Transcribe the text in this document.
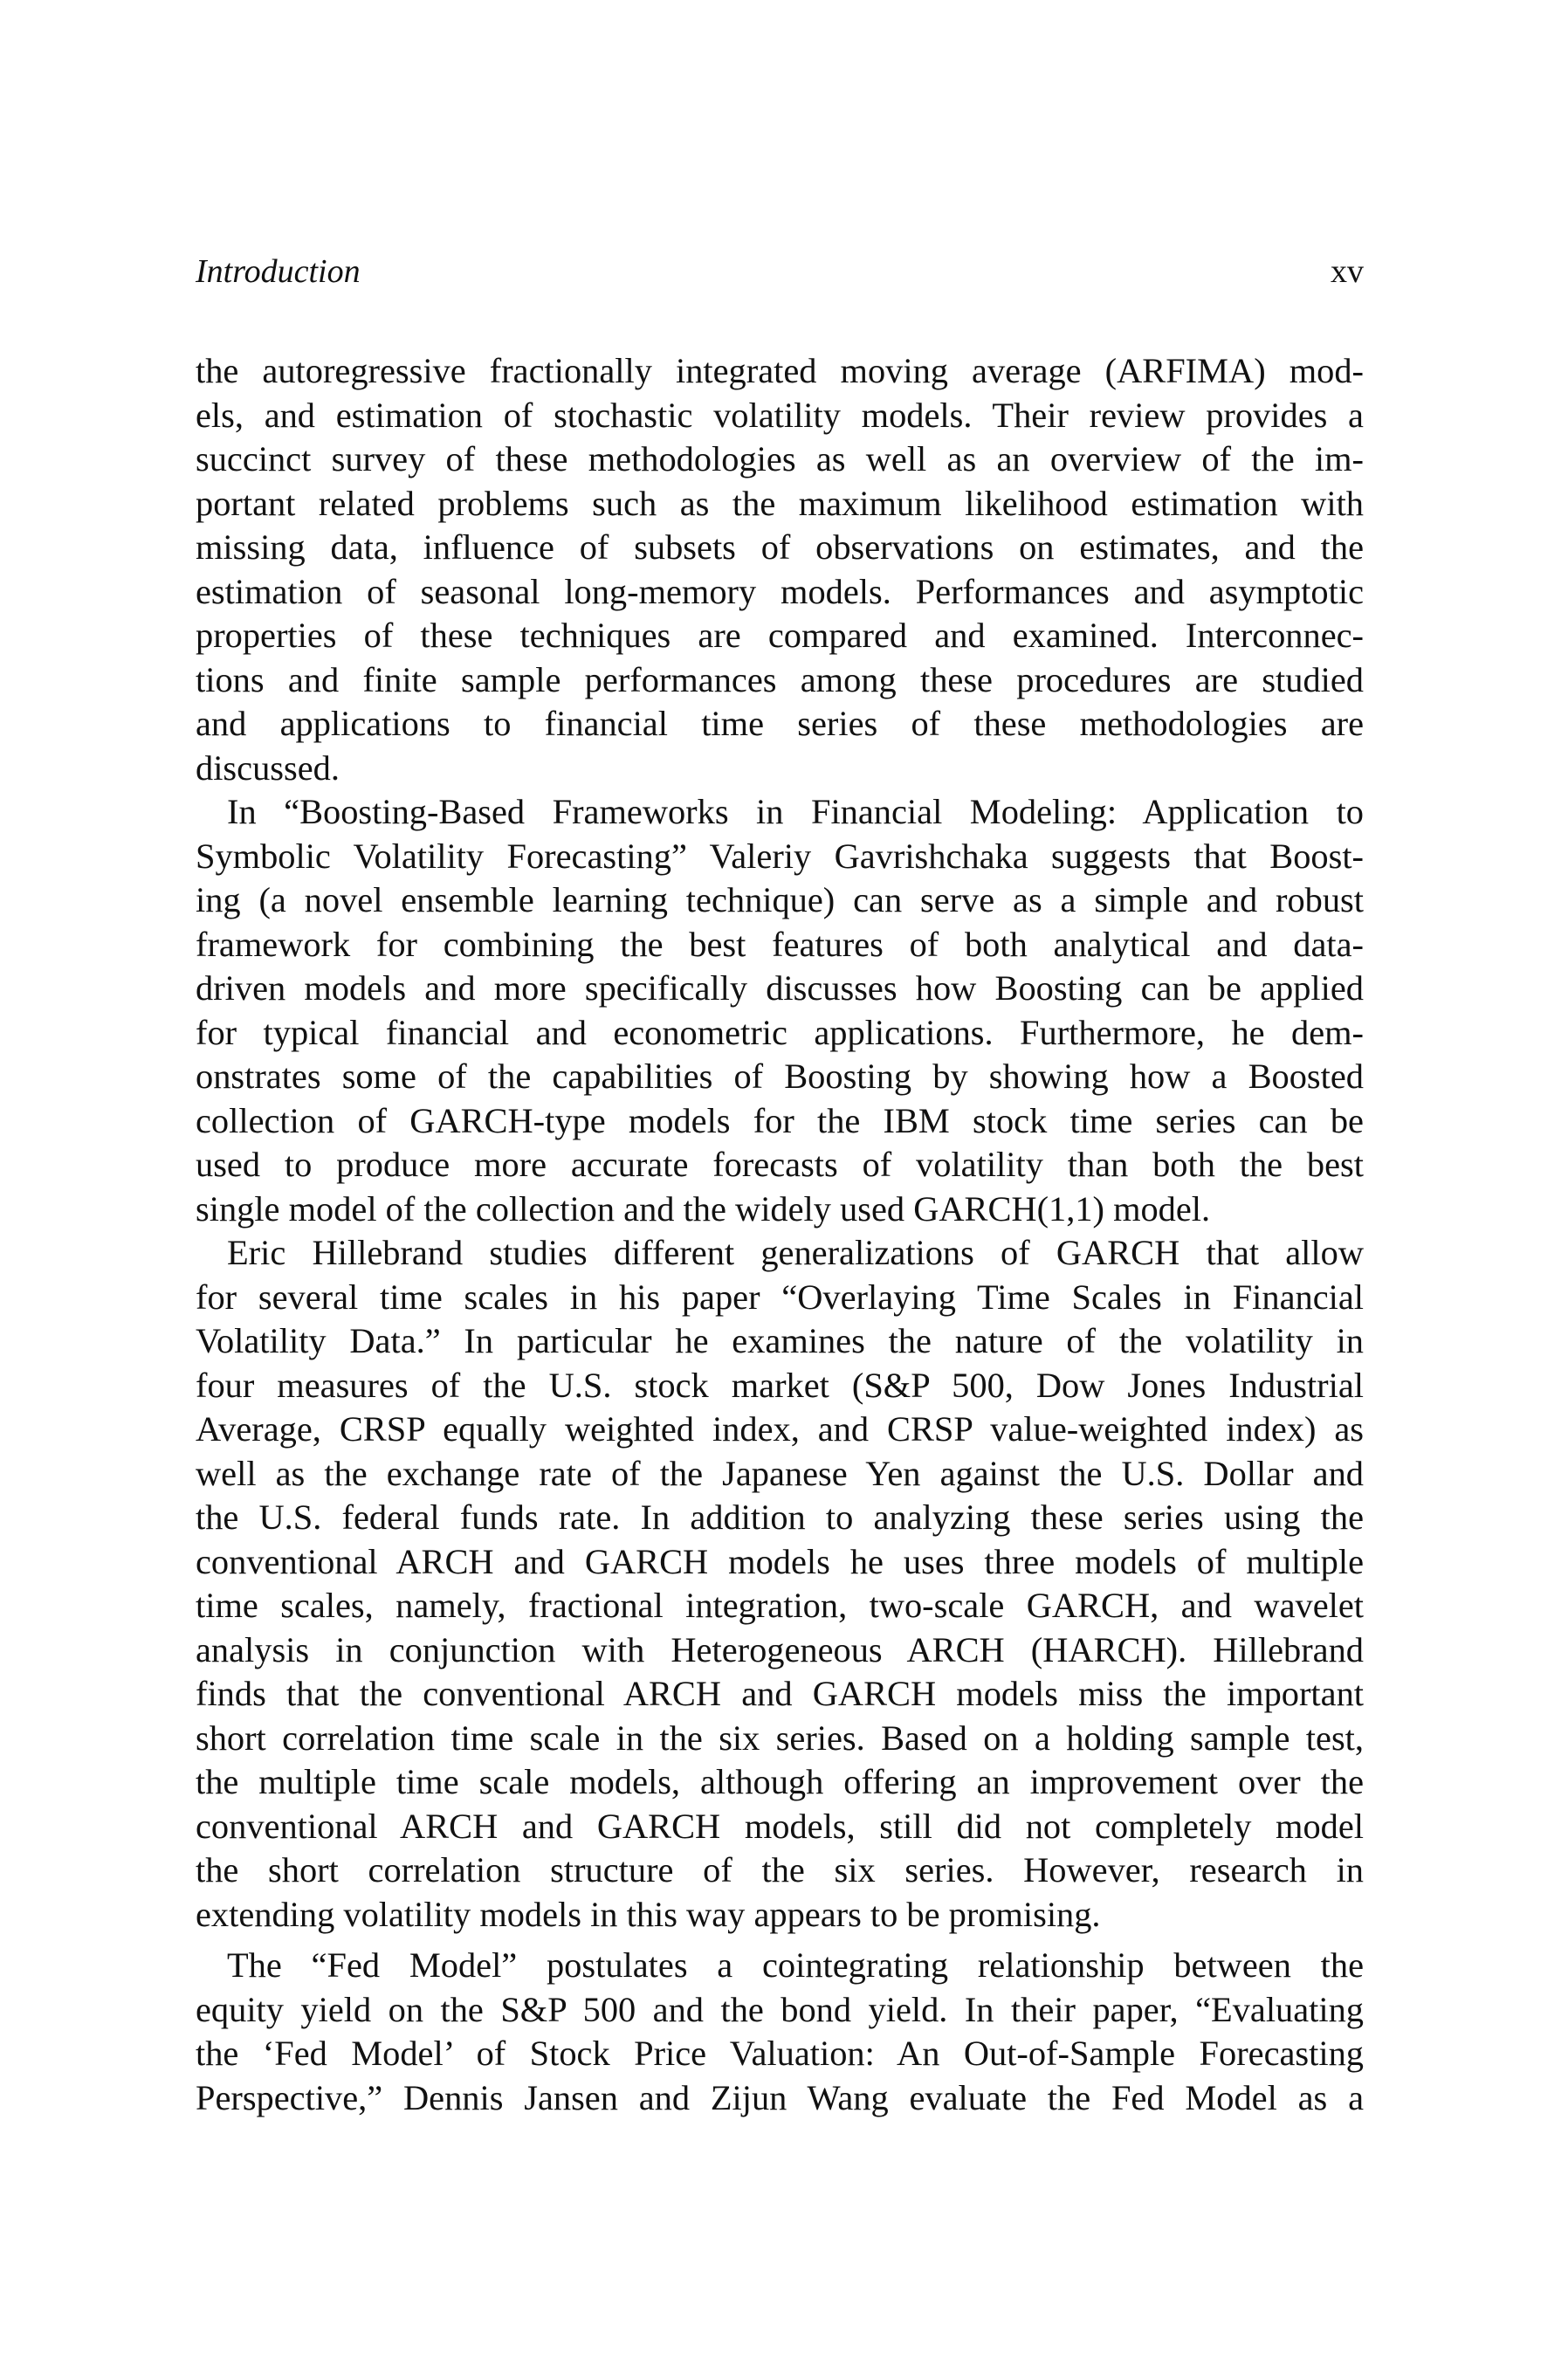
Introduction	xv

the autoregressive fractionally integrated moving average (ARFIMA) mod-
els, and estimation of stochastic volatility models. Their review provides a
succinct survey of these methodologies as well as an overview of the im-
portant related problems such as the maximum likelihood estimation with
missing data, influence of subsets of observations on estimates, and the
estimation of seasonal long-memory models. Performances and asymptotic
properties of these techniques are compared and examined. Interconnec-
tions and finite sample performances among these procedures are studied
and applications to financial time series of these methodologies are
discussed.

In “Boosting-Based Frameworks in Financial Modeling: Application to
Symbolic Volatility Forecasting” Valeriy Gavrishchaka suggests that Boost-
ing (a novel ensemble learning technique) can serve as a simple and robust
framework for combining the best features of both analytical and data-
driven models and more specifically discusses how Boosting can be applied
for typical financial and econometric applications. Furthermore, he dem-
onstrates some of the capabilities of Boosting by showing how a Boosted
collection of GARCH-type models for the IBM stock time series can be
used to produce more accurate forecasts of volatility than both the best
single model of the collection and the widely used GARCH(1,1) model.

Eric Hillebrand studies different generalizations of GARCH that allow
for several time scales in his paper “Overlaying Time Scales in Financial
Volatility Data.” In particular he examines the nature of the volatility in
four measures of the U.S. stock market (S&P 500, Dow Jones Industrial
Average, CRSP equally weighted index, and CRSP value-weighted index) as
well as the exchange rate of the Japanese Yen against the U.S. Dollar and
the U.S. federal funds rate. In addition to analyzing these series using the
conventional ARCH and GARCH models he uses three models of multiple
time scales, namely, fractional integration, two-scale GARCH, and wavelet
analysis in conjunction with Heterogeneous ARCH (HARCH). Hillebrand
finds that the conventional ARCH and GARCH models miss the important
short correlation time scale in the six series. Based on a holding sample test,
the multiple time scale models, although offering an improvement over the
conventional ARCH and GARCH models, still did not completely model
the short correlation structure of the six series. However, research in
extending volatility models in this way appears to be promising.

The “Fed Model” postulates a cointegrating relationship between the
equity yield on the S&P 500 and the bond yield. In their paper, “Evaluating
the ‘Fed Model’ of Stock Price Valuation: An Out-of-Sample Forecasting
Perspective,” Dennis Jansen and Zijun Wang evaluate the Fed Model as a
